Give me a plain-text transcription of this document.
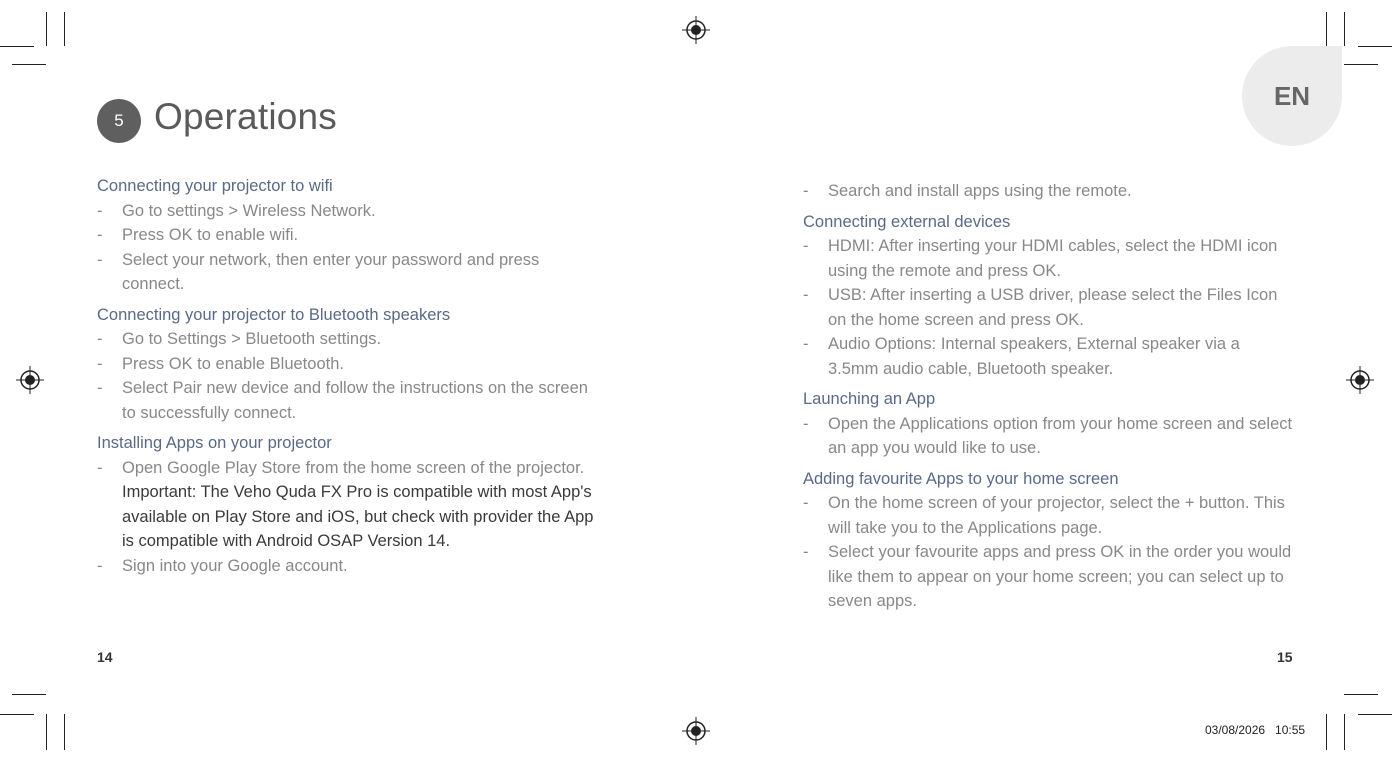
5 Operations
EN
Connecting your projector to wifi
- Go to settings > Wireless Network.
- Press OK to enable wifi.
- Select your network, then enter your password and press connect.
Connecting your projector to Bluetooth speakers
- Go to Settings > Bluetooth settings.
- Press OK to enable Bluetooth.
- Select Pair new device and follow the instructions on the screen to successfully connect.
Installing Apps on your projector
- Open Google Play Store from the home screen of the projector. Important: The Veho Quda FX Pro is compatible with most App's available on Play Store and iOS, but check with provider the App is compatible with Android OSAP Version 14.
- Sign into your Google account.
- Search and install apps using the remote.
Connecting external devices
- HDMI: After inserting your HDMI cables, select the HDMI icon using the remote and press OK.
- USB: After inserting a USB driver, please select the Files Icon on the home screen and press OK.
- Audio Options: Internal speakers, External speaker via a 3.5mm audio cable, Bluetooth speaker.
Launching an App
- Open the Applications option from your home screen and select an app you would like to use.
Adding favourite Apps to your home screen
- On the home screen of your projector, select the + button. This will take you to the Applications page.
- Select your favourite apps and press OK in the order you would like them to appear on your home screen; you can select up to seven apps.
14	15
03/08/2026   10:55
